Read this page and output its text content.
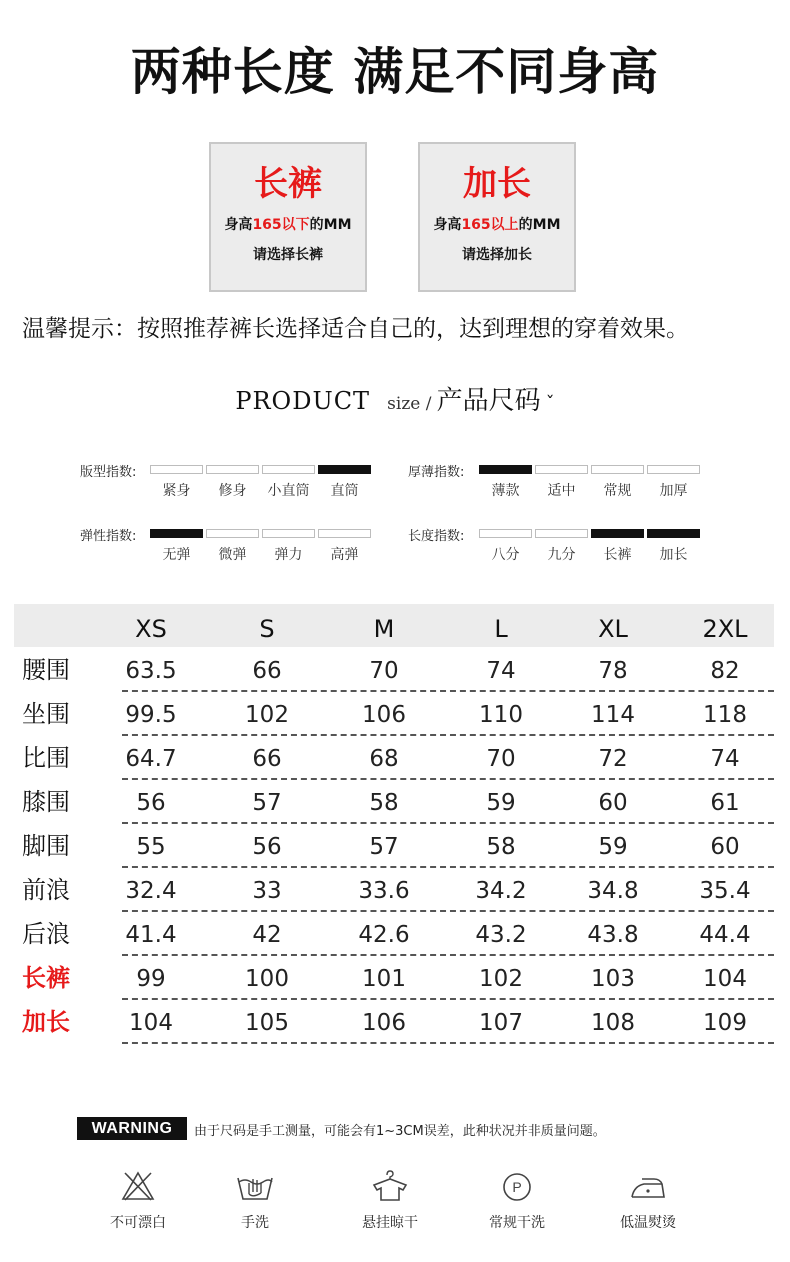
两种长度 满足不同身高
长裤
身高165以下的MM
请选择长裤
加长
身高165以上的MM
请选择加长
温馨提示：按照推荐裤长选择适合自己的，达到理想的穿着效果。
PRODUCT size / 产品尺码 ˇ
版型指数:
紧身	修身	小直筒	直筒
厚薄指数:
薄款	适中	常规	加厚
弹性指数:
无弹	微弹	弹力	高弹
长度指数:
八分	九分	长裤	加长
XS	S	M	L	XL	2XL
腰围	63.5	66	70	74	78	82
坐围	99.5	102	106	110	114	118
比围	64.7	66	68	70	72	74
膝围	56	57	58	59	60	61
脚围	55	56	57	58	59	60
前浪	32.4	33	33.6	34.2	34.8	35.4
后浪	41.4	42	42.6	43.2	43.8	44.4
长裤	99	100	101	102	103	104
加长	104	105	106	107	108	109
WARNING	由于尺码是手工测量，可能会有1~3CM误差，此种状况并非质量问题。
不可漂白	手洗	悬挂晾干
P
常规干洗	低温熨烫
